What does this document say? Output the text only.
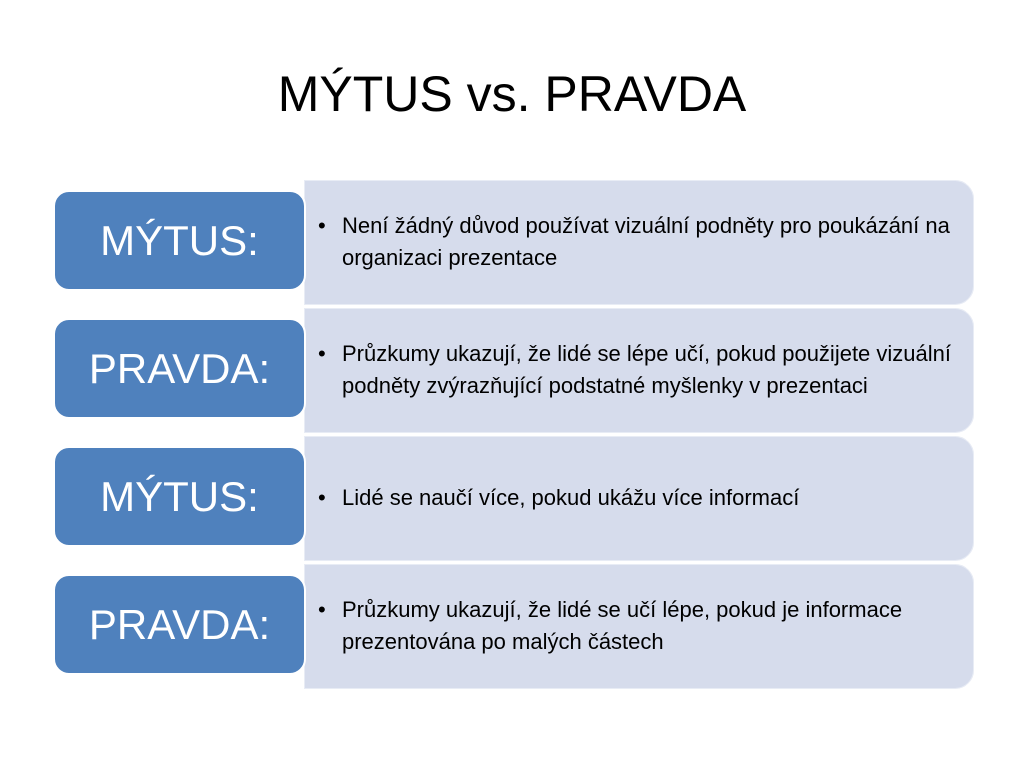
MÝTUS vs. PRAVDA
MÝTUS:	• Není žádný důvod používat vizuální podněty pro poukázání na organizaci prezentace
PRAVDA:	• Průzkumy ukazují, že lidé se lépe učí, pokud použijete vizuální podněty zvýrazňující podstatné myšlenky v prezentaci
MÝTUS:	• Lidé se naučí více, pokud ukážu více informací
PRAVDA:	• Průzkumy ukazují, že lidé se učí lépe, pokud je informace prezentována po malých částech
